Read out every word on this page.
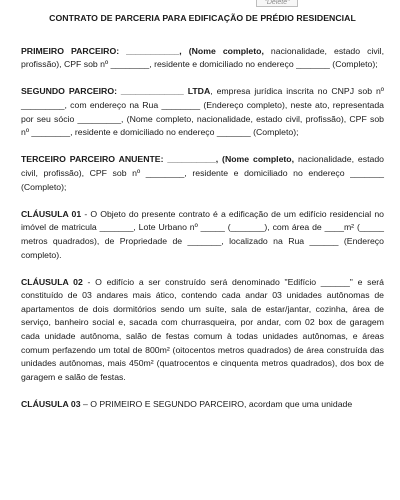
"Delete"
CONTRATO DE PARCERIA PARA EDIFICAÇÃO DE PRÉDIO RESIDENCIAL

PRIMEIRO PARCEIRO: ___________, (Nome completo, nacionalidade, estado civil, profissão), CPF sob nº ________, residente e domiciliado no endereço _______ (Completo);

SEGUNDO PARCEIRO: _____________ LTDA, empresa jurídica inscrita no CNPJ sob nº _________, com endereço na Rua ________ (Endereço completo), neste ato, representada por seu sócio _________, (Nome completo, nacionalidade, estado civil, profissão), CPF sob nº ________, residente e domiciliado no endereço _______ (Completo);

TERCEIRO PARCEIRO ANUENTE: __________, (Nome completo, nacionalidade, estado civil, profissão), CPF sob nº ________, residente e domiciliado no endereço _______ (Completo);

CLÁUSULA 01 - O Objeto do presente contrato é a edificação de um edifício residencial no imóvel de matricula _______, Lote Urbano nº _____ (_______), com área de ____m² (_____ metros quadrados), de Propriedade de _______, localizado na Rua ______ (Endereço completo).

CLÁUSULA 02 - O edifício a ser construído será denominado "Edifício ______" e será constituído de 03 andares mais ático, contendo cada andar 03 unidades autônomas de apartamentos de dois dormitórios sendo um suíte, sala de estar/jantar, cozinha, área de serviço, banheiro social e, sacada com churrasqueira, por andar, com 02 box de garagem cada unidade autônoma, salão de festas comum à todas unidades autônomas, e áreas comum perfazendo um total de 800m² (oitocentos metros quadrados) de área construída das unidades autônomas, mais 450m² (quatrocentos e cinquenta metros quadrados), dos box de garagem e salão de festas.

CLÁUSULA 03 – O PRIMEIRO E SEGUNDO PARCEIRO, acordam que uma unidade
